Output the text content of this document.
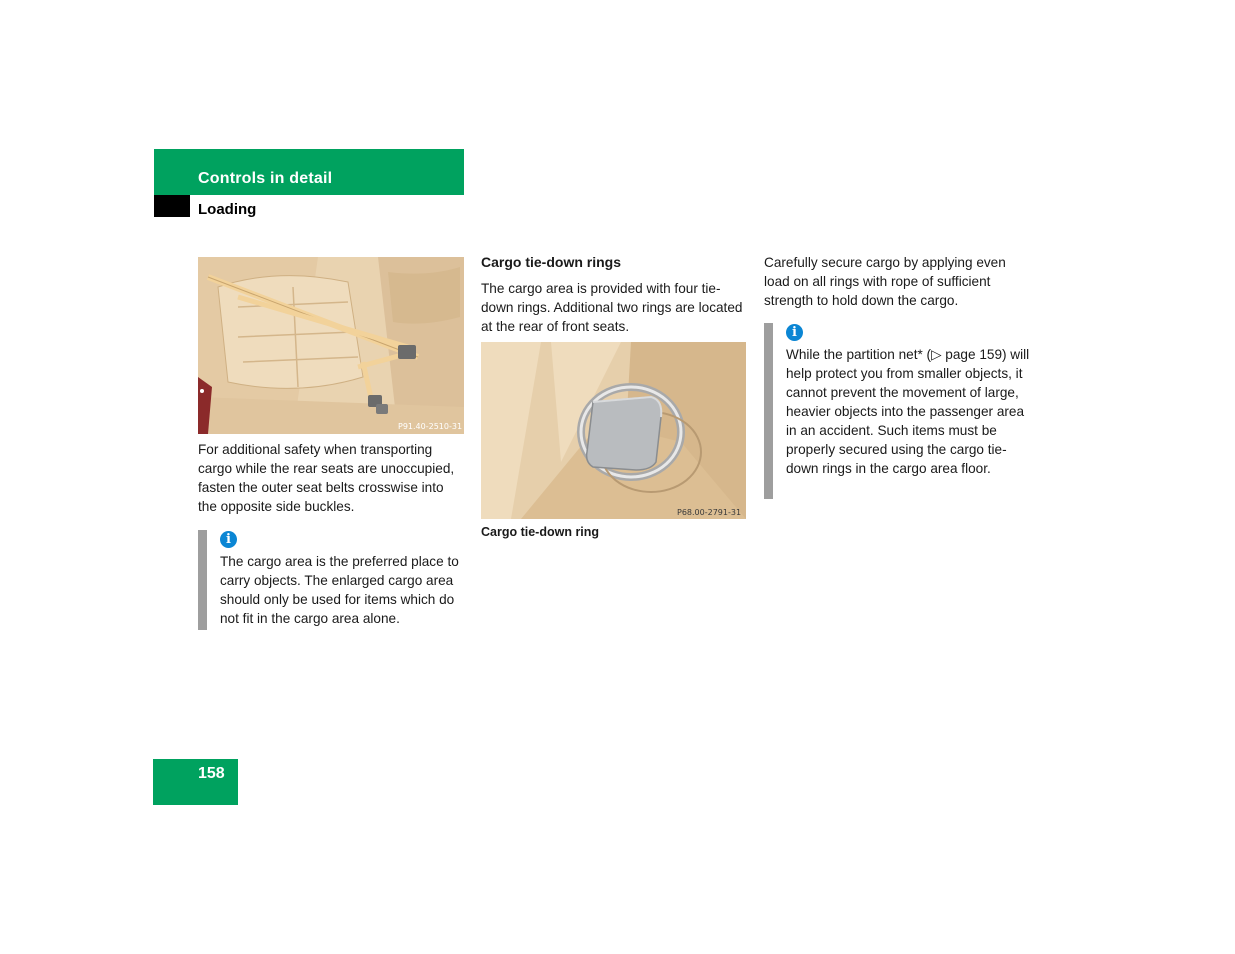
Controls in detail
Loading
P91.40-2510-31
For additional safety when transporting cargo while the rear seats are unoccupied, fasten the outer seat belts crosswise into the opposite side buckles.
i
The cargo area is the preferred place to carry objects. The enlarged cargo area should only be used for items which do not fit in the cargo area alone.
Cargo tie-down rings
The cargo area is provided with four tie-down rings. Additional two rings are located at the rear of front seats.
P68.00-2791-31
Cargo tie-down ring
Carefully secure cargo by applying even load on all rings with rope of sufficient strength to hold down the cargo.
i
While the partition net* (▷ page 159) will help protect you from smaller objects, it cannot prevent the movement of large, heavier objects into the passenger area in an accident. Such items must be properly secured using the cargo tie-down rings in the cargo area floor.
158
